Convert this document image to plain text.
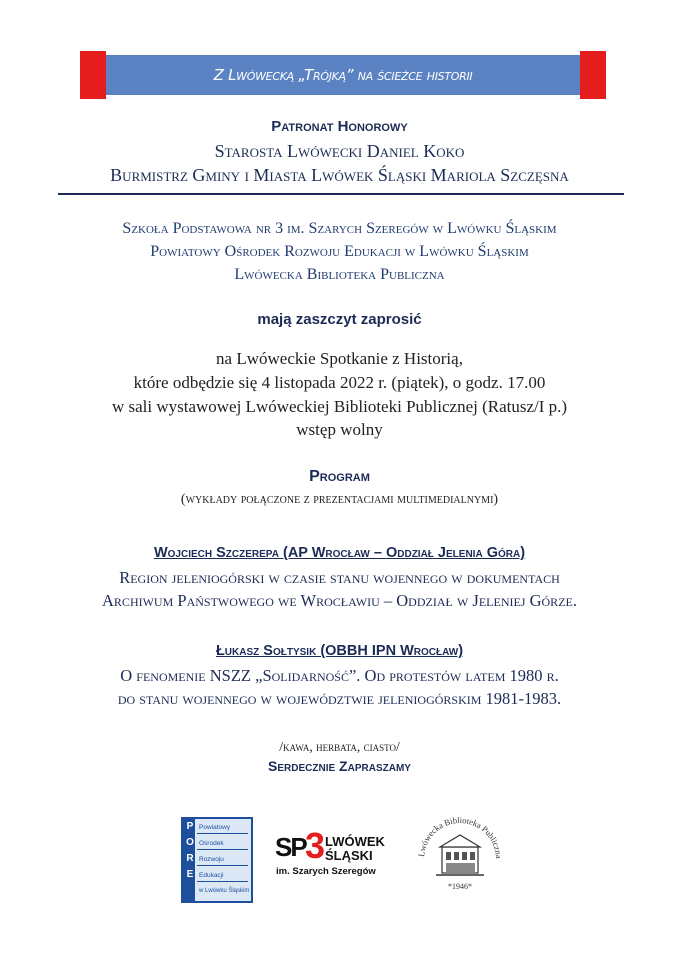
Z Lwówecką „Trójką” na ścieżce historii
Patronat Honorowy
Starosta Lwówecki Daniel Koko
Burmistrz Gminy i Miasta Lwówek Śląski Mariola Szczęsna
Szkoła Podstawowa nr 3 im. Szarych Szeregów w Lwówku Śląskim
Powiatowy Ośrodek Rozwoju Edukacji w Lwówku Śląskim
Lwówecka Biblioteka Publiczna
mają zaszczyt zaprosić
na Lwóweckie Spotkanie z Historią,
które odbędzie się 4 listopada 2022 r. (piątek), o godz. 17.00
w sali wystawowej Lwóweckiej Biblioteki Publicznej (Ratusz/I p.)
wstęp wolny
Program
(wykłady połączone z prezentacjami multimedialnymi)
Wojciech Szczerepa (AP Wrocław – Oddział Jelenia Góra)
Region jeleniogórski w czasie stanu wojennego w dokumentach
Archiwum Państwowego we Wrocławiu – Oddział w Jeleniej Górze.
Łukasz Sołtysik (OBBH IPN Wrocław)
O fenomenie NSZZ „Solidarność”. Od protestów latem 1980 r.
do stanu wojennego w województwie jeleniogórskim 1981-1983.
/kawa, herbata, ciasto/
Serdecznie Zapraszamy
P
O
R
E
Powiatowy
Ośrodek
Rozwoju
Edukacji
w Lwówku Śląskim
SP 3 LWÓWEK
ŚLĄSKI
im. Szarych Szeregów
Lwówecka Biblioteka Publiczna
*1946*
